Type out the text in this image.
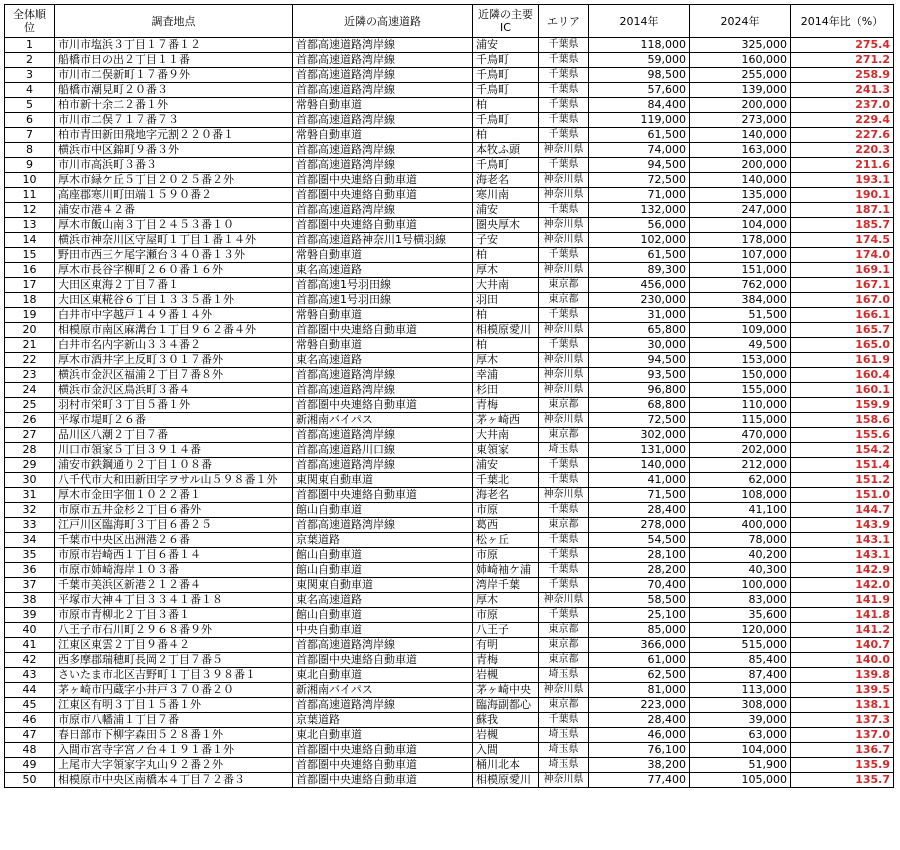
全体順位	調査地点	近隣の高速道路	近隣の主要IC	エリア	2014年	2024年	2014年比（%）
1	市川市塩浜３丁目１７番１２	首都高速道路湾岸線	浦安	千葉県	118,000	325,000	275.4
2	船橋市日の出２丁目１１番	首都高速道路湾岸線	千鳥町	千葉県	59,000	160,000	271.2
3	市川市二俣新町１７番９外	首都高速道路湾岸線	千鳥町	千葉県	98,500	255,000	258.9
4	船橋市潮見町２０番３	首都高速道路湾岸線	千鳥町	千葉県	57,600	139,000	241.3
5	柏市新十余二２番１外	常磐自動車道	柏	千葉県	84,400	200,000	237.0
6	市川市二俣７１７番７３	首都高速道路湾岸線	千鳥町	千葉県	119,000	273,000	229.4
7	柏市青田新田飛地字元割２２０番１	常磐自動車道	柏	千葉県	61,500	140,000	227.6
8	横浜市中区錦町９番３外	首都高速道路湾岸線	本牧ふ頭	神奈川県	74,000	163,000	220.3
9	市川市高浜町３番３	首都高速道路湾岸線	千鳥町	千葉県	94,500	200,000	211.6
10	厚木市緑ケ丘５丁目２０２５番２外	首都圏中央連絡自動車道	海老名	神奈川県	72,500	140,000	193.1
11	高座郡寒川町田端１５９０番２	首都圏中央連絡自動車道	寒川南	神奈川県	71,000	135,000	190.1
12	浦安市港４２番	首都高速道路湾岸線	浦安	千葉県	132,000	247,000	187.1
13	厚木市飯山南３丁目２４５３番１０	首都圏中央連絡自動車道	圏央厚木	神奈川県	56,000	104,000	185.7
14	横浜市神奈川区守屋町１丁目１番１４外	首都高速道路神奈川1号横羽線	子安	神奈川県	102,000	178,000	174.5
15	野田市西三ケ尾字瀬台３４０番１３外	常磐自動車道	柏	千葉県	61,500	107,000	174.0
16	厚木市長谷字柳町２６０番１６外	東名高速道路	厚木	神奈川県	89,300	151,000	169.1
17	大田区東海２丁目７番１	首都高速1号羽田線	大井南	東京都	456,000	762,000	167.1
18	大田区東糀谷６丁目１３３５番１外	首都高速1号羽田線	羽田	東京都	230,000	384,000	167.0
19	白井市中字越戸１４９番１４外	常磐自動車道	柏	千葉県	31,000	51,500	166.1
20	相模原市南区麻溝台１丁目９６２番４外	首都圏中央連絡自動車道	相模原愛川	神奈川県	65,800	109,000	165.7
21	白井市名内字新山３３４番２	常磐自動車道	柏	千葉県	30,000	49,500	165.0
22	厚木市酒井字上反町３０１７番外	東名高速道路	厚木	神奈川県	94,500	153,000	161.9
23	横浜市金沢区福浦２丁目７番８外	首都高速道路湾岸線	幸浦	神奈川県	93,500	150,000	160.4
24	横浜市金沢区鳥浜町３番４	首都高速道路湾岸線	杉田	神奈川県	96,800	155,000	160.1
25	羽村市栄町３丁目５番１外	首都圏中央連絡自動車道	青梅	東京都	68,800	110,000	159.9
26	平塚市堤町２６番	新湘南バイパス	茅ヶ崎西	神奈川県	72,500	115,000	158.6
27	品川区八潮２丁目７番	首都高速道路湾岸線	大井南	東京都	302,000	470,000	155.6
28	川口市領家５丁目３９１４番	首都高速道路川口線	東領家	埼玉県	131,000	202,000	154.2
29	浦安市鉄鋼通り２丁目１０８番	首都高速道路湾岸線	浦安	千葉県	140,000	212,000	151.4
30	八千代市大和田新田字ヲサル山５９８番１外	東関東自動車道	千葉北	千葉県	41,000	62,000	151.2
31	厚木市金田字佃１０２２番１	首都圏中央連絡自動車道	海老名	神奈川県	71,500	108,000	151.0
32	市原市五井金杉２丁目６番外	館山自動車道	市原	千葉県	28,400	41,100	144.7
33	江戸川区臨海町３丁目６番２５	首都高速道路湾岸線	葛西	東京都	278,000	400,000	143.9
34	千葉市中央区出洲港２６番	京葉道路	松ヶ丘	千葉県	54,500	78,000	143.1
35	市原市岩崎西１丁目６番１４	館山自動車道	市原	千葉県	28,100	40,200	143.1
36	市原市姉崎海岸１０３番	館山自動車道	姉崎袖ケ浦	千葉県	28,200	40,300	142.9
37	千葉市美浜区新港２１２番４	東関東自動車道	湾岸千葉	千葉県	70,400	100,000	142.0
38	平塚市大神４丁目３３４１番１８	東名高速道路	厚木	神奈川県	58,500	83,000	141.9
39	市原市青柳北２丁目３番１	館山自動車道	市原	千葉県	25,100	35,600	141.8
40	八王子市石川町２９６８番９外	中央自動車道	八王子	東京都	85,000	120,000	141.2
41	江東区東雲２丁目９番４２	首都高速道路湾岸線	有明	東京都	366,000	515,000	140.7
42	西多摩郡瑞穂町長岡２丁目７番５	首都圏中央連絡自動車道	青梅	東京都	61,000	85,400	140.0
43	さいたま市北区吉野町１丁目３９８番１	東北自動車道	岩槻	埼玉県	62,500	87,400	139.8
44	茅ヶ崎市円蔵字小井戸３７０番２０	新湘南バイパス	茅ヶ崎中央	神奈川県	81,000	113,000	139.5
45	江東区有明３丁目１５番１外	首都高速道路湾岸線	臨海副都心	東京都	223,000	308,000	138.1
46	市原市八幡浦１丁目７番	京葉道路	蘇我	千葉県	28,400	39,000	137.3
47	春日部市下柳字森田５２８番１外	東北自動車道	岩槻	埼玉県	46,000	63,000	137.0
48	入間市宮寺字宮ノ台４１９１番１外	首都圏中央連絡自動車道	入間	埼玉県	76,100	104,000	136.7
49	上尾市大字領家字丸山９２番２外	首都圏中央連絡自動車道	桶川北本	埼玉県	38,200	51,900	135.9
50	相模原市中央区南橋本４丁目７２番３	首都圏中央連絡自動車道	相模原愛川	神奈川県	77,400	105,000	135.7
